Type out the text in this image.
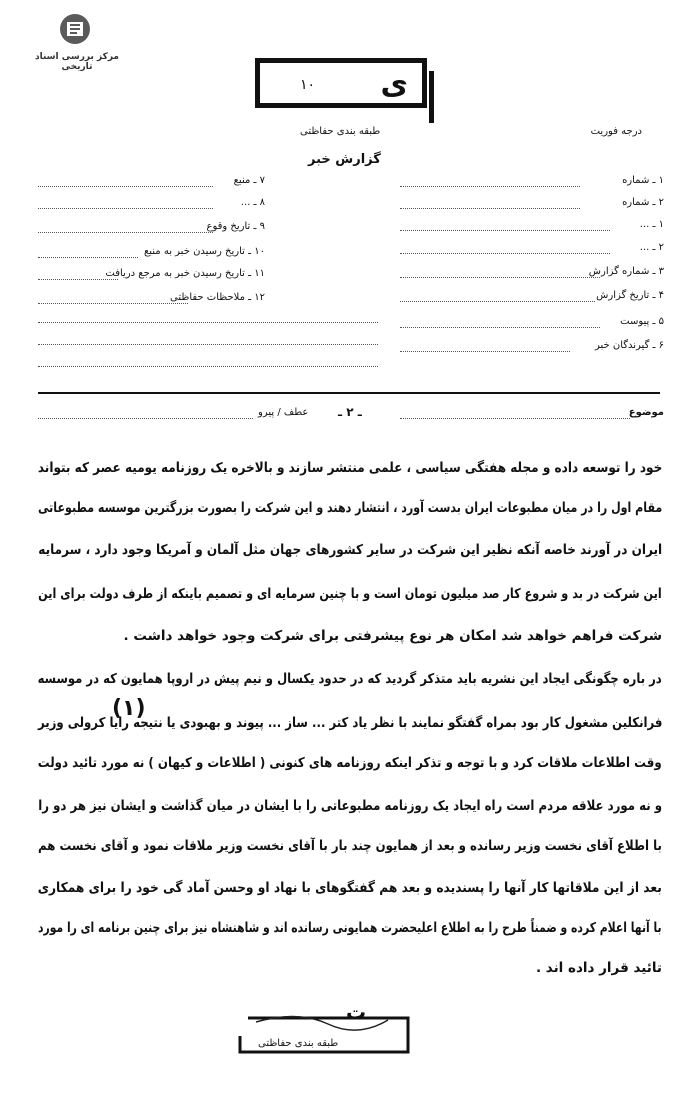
مرکز بررسی اسناد تاریخی
۱۰ ی
طبقه بندی حفاظتی	درجه فوریت
گزارش خبر
۱ ـ شماره
۲ ـ شماره
۱ ـ ...
۲ ـ ...
۳ ـ شماره گزارش
۴ ـ تاریخ گزارش
۵ ـ پیوست
۶ ـ گیرندگان خبر
۷ ـ منبع
۸ ـ ...
۹ ـ تاریخ وقوع
۱۰ ـ تاریخ رسیدن خبر به منبع
۱۱ ـ تاریخ رسیدن خبر به مرجع دریافت
۱۲ ـ ملاحظات حفاظتی
موضوع
ـ ۲ ـ
عطف / پیرو
خود را توسعه داده و مجله هفتگی سیاسی ، علمی منتشر سازند و بالاخره یک روزنامه یومیه عصر که بتواند
مقام اول را در میان مطبوعات ایران بدست آورد ، انتشار دهند و این شرکت را بصورت بزرگترین موسسه مطبوعاتی
ایران در آورند خاصه آنکه نظیر این شرکت در سایر کشورهای جهان مثل آلمان و آمریکا وجود دارد ، سرمایه
این شرکت در بد و شروع کار صد میلیون تومان است و با چنین سرمایه ای و تصمیم باینکه از طرف دولت برای این
شرکت فراهم خواهد شد امکان هر نوع پیشرفتی برای شرکت وجود خواهد داشت .
در باره چگونگی ایجاد این نشریه باید متذکر گردید که در حدود یکسال و نیم پیش در اروپا همایون که در موسسه
(۱)
فرانکلین مشغول کار بود بمراه گفتگو نمایند با نظر یاد کتر ... ساز ... پیوند و بهبودی یا نتیجه رایا کرولی وزیر
وقت اطلاعات ملاقات کرد و با توجه و تذکر اینکه روزنامه های کنونی ( اطلاعات و کیهان ) نه مورد تائید دولت
و نه مورد علاقه مردم است راه ایجاد یک روزنامه مطبوعاتی را با ایشان در میان گذاشت و ایشان نیز هر دو را
با اطلاع آقای نخست وزیر رسانده و بعد از همایون چند بار با آقای نخست وزیر ملاقات نمود و آقای نخست هم
بعد از این ملاقاتها کار آنها را پسندیده و بعد هم گفتگوهای با نهاد او وحسن آماد گی خود را برای همکاری
با آنها اعلام کرده و ضمناً طرح را به اطلاع اعلیحضرت همایونی رسانده اند و شاهنشاه نیز برای چنین برنامه ای را مورد
تائید قرار داده اند .
طبقه بندی حفاظتی
ت
